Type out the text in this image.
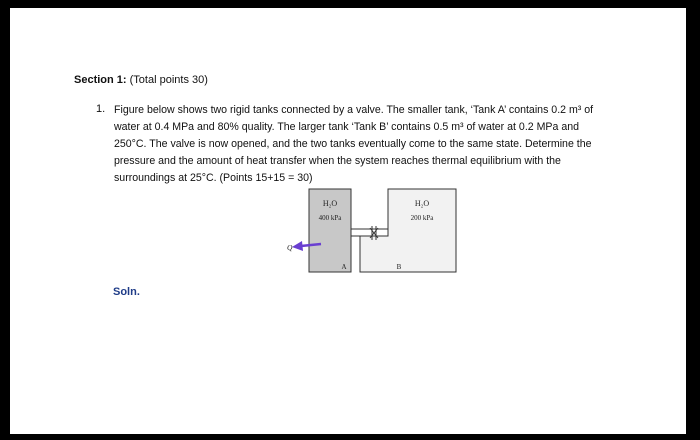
Section 1: (Total points 30)
1. Figure below shows two rigid tanks connected by a valve. The smaller tank, ‘Tank A’ contains 0.2 m³ of
water at 0.4 MPa and 80% quality. The larger tank ‘Tank B’ contains 0.5 m³ of water at 0.2 MPa and
250°C. The valve is now opened, and the two tanks eventually come to the same state. Determine the
pressure and the amount of heat transfer when the system reaches thermal equilibrium with the
surroundings at 25°C. (Points 15+15 = 30)
H₂O
400 kPa
A
H₂O
200 kPa
B
Q
Soln.
